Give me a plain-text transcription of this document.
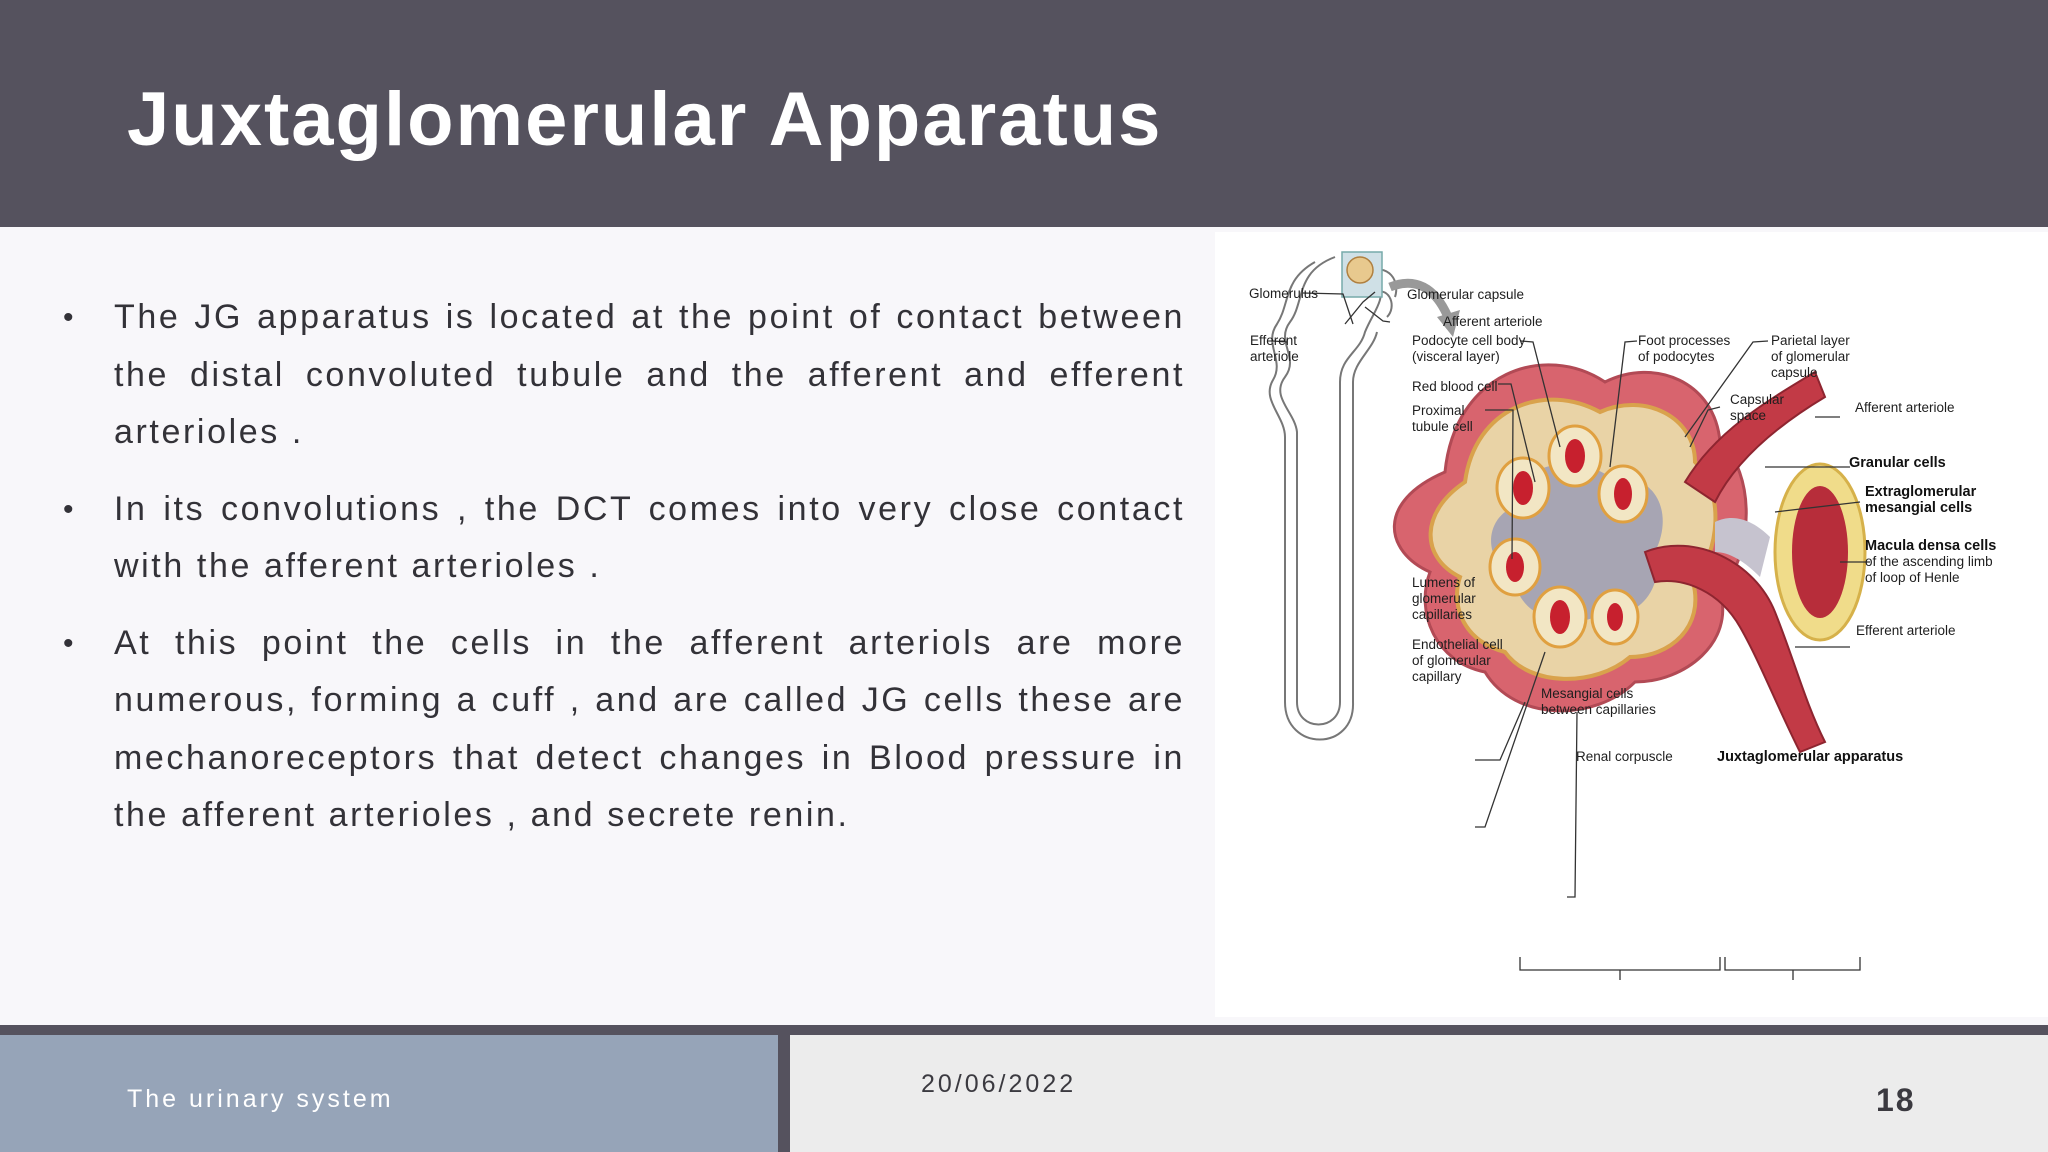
Juxtaglomerular Apparatus
• The JG apparatus is located at the point of contact between the distal convoluted tubule and the afferent and efferent arterioles .
• In its convolutions , the DCT comes into very close contact with the afferent arterioles .
• At this point the cells in the afferent arteriols are more numerous, forming a cuff , and are called JG cells these are mechanoreceptors that detect changes in Blood pressure in the afferent arterioles , and secrete renin.
Glomerulus	Glomerular capsule
Afferent arteriole
Efferent
arteriole
Podocyte cell body
(visceral layer)
Foot processes
of podocytes
Parietal layer
of glomerular
capsule
Red blood cell
Proximal
tubule cell
Capsular
space
Afferent arteriole
Granular cells
Extraglomerular
mesangial cells
Macula densa cells
of the ascending limb
of loop of Henle
Lumens of
glomerular
capillaries
Endothelial cell
of glomerular
capillary
Efferent arteriole
Mesangial cells
between capillaries
Renal corpuscle	Juxtaglomerular apparatus
The urinary system
20/06/2022	18
